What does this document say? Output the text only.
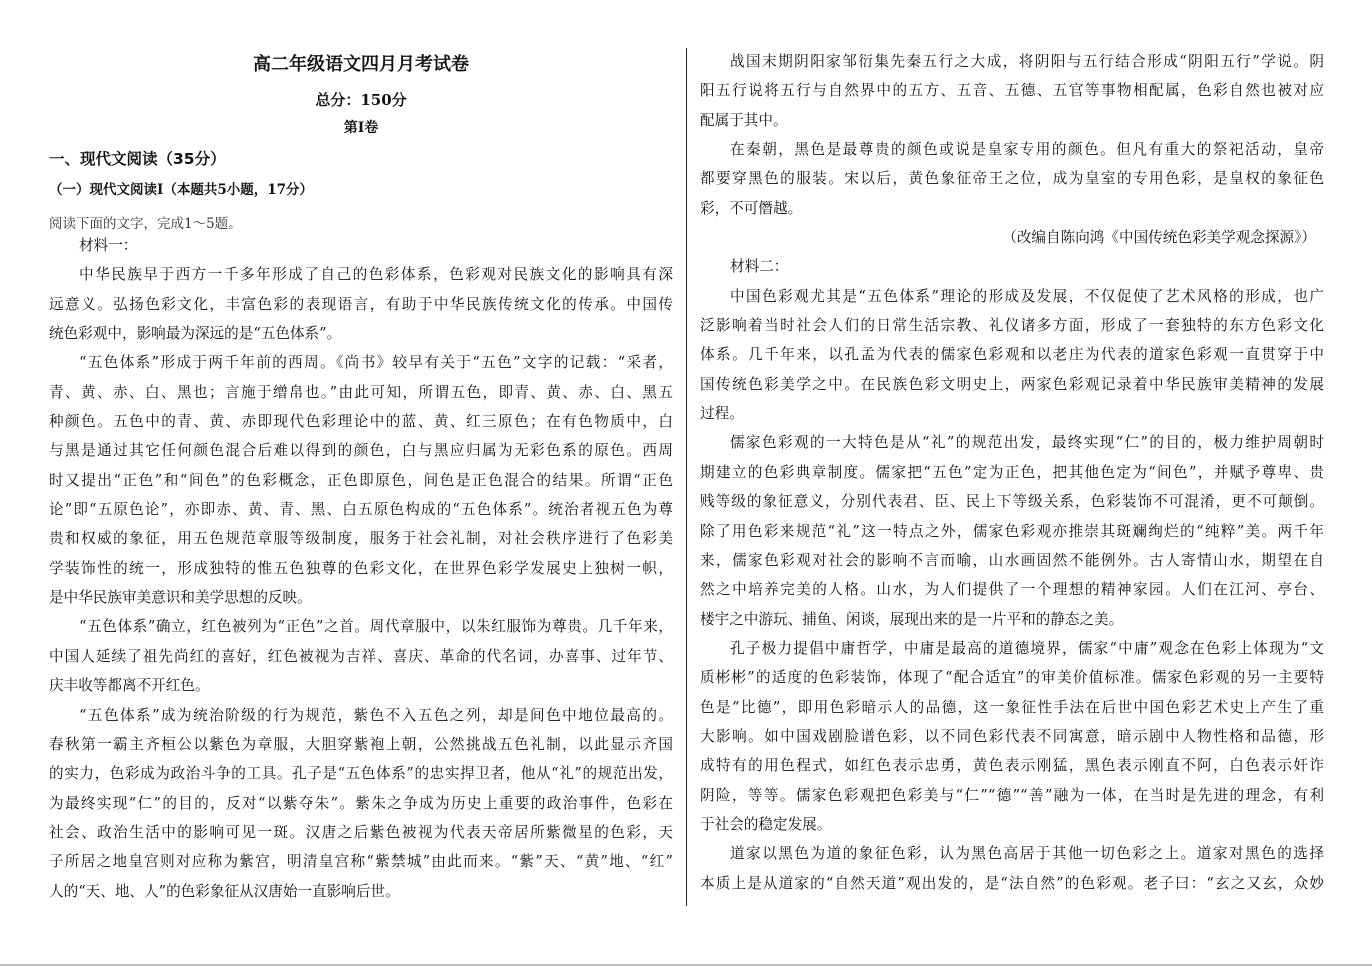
高二年级语文四月月考试卷
总分：150分
第I卷
一、现代文阅读（35分）
（一）现代文阅读I（本题共5小题，17分）
阅读下面的文字，完成1～5题。
材料一：
中华民族早于西方一千多年形成了自己的色彩体系，色彩观对民族文化的影响具有深
远意义。弘扬色彩文化，丰富色彩的表现语言，有助于中华民族传统文化的传承。中国传
统色彩观中，影响最为深远的是“五色体系”。
“五色体系”形成于两千年前的西周。《尚书》较早有关于“五色”文字的记载：“采者，
青、黄、赤、白、黑也；言施于缯帛也。”由此可知，所谓五色，即青、黄、赤、白、黑五
种颜色。五色中的青、黄、赤即现代色彩理论中的蓝、黄、红三原色；在有色物质中，白
与黑是通过其它任何颜色混合后难以得到的颜色，白与黑应归属为无彩色系的原色。西周
时又提出“正色”和“间色”的色彩概念，正色即原色，间色是正色混合的结果。所谓“正色
论”即“五原色论”，亦即赤、黄、青、黑、白五原色构成的“五色体系”。统治者视五色为尊
贵和权威的象征，用五色规范章服等级制度，服务于社会礼制，对社会秩序进行了色彩美
学装饰性的统一，形成独特的惟五色独尊的色彩文化，在世界色彩学发展史上独树一帜，
是中华民族审美意识和美学思想的反映。
“五色体系”确立，红色被列为“正色”之首。周代章服中，以朱红服饰为尊贵。几千年来，
中国人延续了祖先尚红的喜好，红色被视为吉祥、喜庆、革命的代名词，办喜事、过年节、
庆丰收等都离不开红色。
“五色体系”成为统治阶级的行为规范，紫色不入五色之列，却是间色中地位最高的。
春秋第一霸主齐桓公以紫色为章服，大胆穿紫袍上朝，公然挑战五色礼制，以此显示齐国
的实力，色彩成为政治斗争的工具。孔子是“五色体系”的忠实捍卫者，他从“礼”的规范出发，
为最终实现“仁”的目的，反对“以紫夺朱”。紫朱之争成为历史上重要的政治事件，色彩在
社会、政治生活中的影响可见一斑。汉唐之后紫色被视为代表天帝居所紫微星的色彩，天
子所居之地皇宫则对应称为紫宫，明清皇宫称“紫禁城”由此而来。“紫”天、“黄”地、“红”
人的“天、地、人”的色彩象征从汉唐始一直影响后世。
战国末期阴阳家邹衍集先秦五行之大成，将阴阳与五行结合形成“阴阳五行”学说。阴
阳五行说将五行与自然界中的五方、五音、五德、五官等事物相配属，色彩自然也被对应
配属于其中。
在秦朝，黑色是最尊贵的颜色或说是皇家专用的颜色。但凡有重大的祭祀活动，皇帝
都要穿黑色的服装。宋以后，黄色象征帝王之位，成为皇室的专用色彩，是皇权的象征色
彩，不可僭越。
（改编自陈向鸿《中国传统色彩美学观念探源》）
材料二：
中国色彩观尤其是“五色体系”理论的形成及发展，不仅促使了艺术风格的形成，也广
泛影响着当时社会人们的日常生活宗教、礼仪诸多方面，形成了一套独特的东方色彩文化
体系。几千年来，以孔孟为代表的儒家色彩观和以老庄为代表的道家色彩观一直贯穿于中
国传统色彩美学之中。在民族色彩文明史上，两家色彩观记录着中华民族审美精神的发展
过程。
儒家色彩观的一大特色是从“礼”的规范出发，最终实现“仁”的目的，极力维护周朝时
期建立的色彩典章制度。儒家把“五色”定为正色，把其他色定为“间色”，并赋予尊卑、贵
贱等级的象征意义，分别代表君、臣、民上下等级关系，色彩装饰不可混淆，更不可颠倒。
除了用色彩来规范“礼”这一特点之外，儒家色彩观亦推崇其斑斓绚烂的“纯粹”美。两千年
来，儒家色彩观对社会的影响不言而喻，山水画固然不能例外。古人寄情山水，期望在自
然之中培养完美的人格。山水，为人们提供了一个理想的精神家园。人们在江河、亭台、
楼宇之中游玩、捕鱼、闲谈，展现出来的是一片平和的静态之美。
孔子极力提倡中庸哲学，中庸是最高的道德境界，儒家“中庸”观念在色彩上体现为“文
质彬彬”的适度的色彩装饰，体现了“配合适宜”的审美价值标准。儒家色彩观的另一主要特
色是“比德”，即用色彩暗示人的品德，这一象征性手法在后世中国色彩艺术史上产生了重
大影响。如中国戏剧脸谱色彩，以不同色彩代表不同寓意，暗示剧中人物性格和品德，形
成特有的用色程式，如红色表示忠勇，黄色表示刚猛，黑色表示刚直不阿，白色表示奸诈
阴险，等等。儒家色彩观把色彩美与“仁”“德”“善”融为一体，在当时是先进的理念，有利
于社会的稳定发展。
道家以黑色为道的象征色彩，认为黑色高居于其他一切色彩之上。道家对黑色的选择
本质上是从道家的“自然天道”观出发的，是“法自然”的色彩观。老子曰：“玄之又玄，众妙
